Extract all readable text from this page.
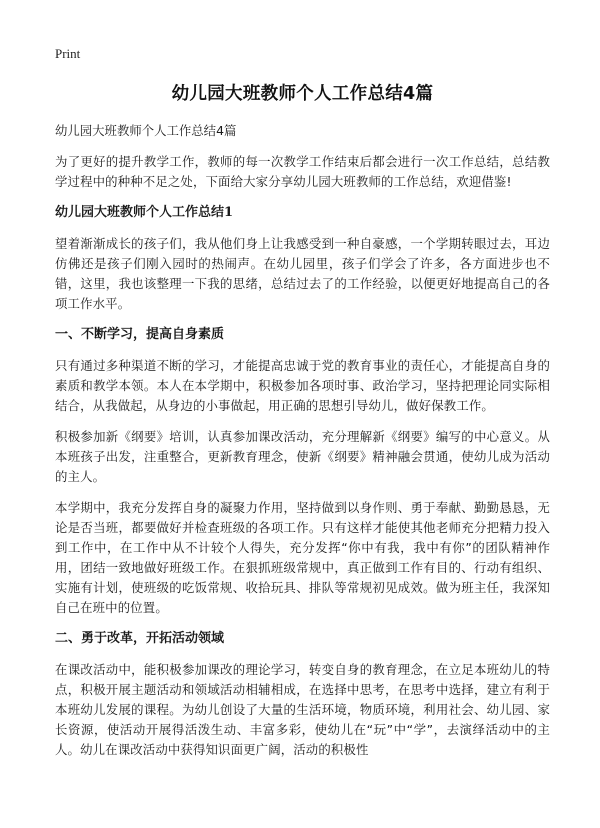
Print
幼儿园大班教师个人工作总结4篇
幼儿园大班教师个人工作总结4篇

为了更好的提升教学工作，教师的每一次教学工作结束后都会进行一次工作总结，总结教学过程中的种种不足之处，下面给大家分享幼儿园大班教师的工作总结，欢迎借鉴!

幼儿园大班教师个人工作总结1

望着渐渐成长的孩子们，我从他们身上让我感受到一种自豪感，一个学期转眼过去，耳边仿佛还是孩子们刚入园时的热闹声。在幼儿园里，孩子们学会了许多，各方面进步也不错，这里，我也该整理一下我的思绪，总结过去了的工作经验，以便更好地提高自己的各项工作水平。

一、不断学习，提高自身素质

只有通过多种渠道不断的学习，才能提高忠诚于党的教育事业的责任心，才能提高自身的素质和教学本领。本人在本学期中，积极参加各项时事、政治学习，坚持把理论同实际相结合，从我做起，从身边的小事做起，用正确的思想引导幼儿，做好保教工作。

积极参加新《纲要》培训，认真参加课改活动，充分理解新《纲要》编写的中心意义。从本班孩子出发，注重整合，更新教育理念，使新《纲要》精神融会贯通，使幼儿成为活动的主人。

本学期中，我充分发挥自身的凝聚力作用，坚持做到以身作则、勇于奉献、勤勤恳恳，无论是否当班，都要做好并检查班级的各项工作。只有这样才能使其他老师充分把精力投入到工作中，在工作中从不计较个人得失，充分发挥“你中有我，我中有你”的团队精神作用，团结一致地做好班级工作。在狠抓班级常规中，真正做到工作有目的、行动有组织、实施有计划，使班级的吃饭常规、收拾玩具、排队等常规初见成效。做为班主任，我深知自己在班中的位置。

二、勇于改革，开拓活动领域

在课改活动中，能积极参加课改的理论学习，转变自身的教育理念，在立足本班幼儿的特点，积极开展主题活动和领域活动相辅相成，在选择中思考，在思考中选择，建立有利于本班幼儿发展的课程。为幼儿创设了大量的生活环境，物质环境，利用社会、幼儿园、家长资源，使活动开展得活泼生动、丰富多彩，使幼儿在“玩”中“学”，去演绎活动中的主人。幼儿在课改活动中获得知识面更广阔，活动的积极性
